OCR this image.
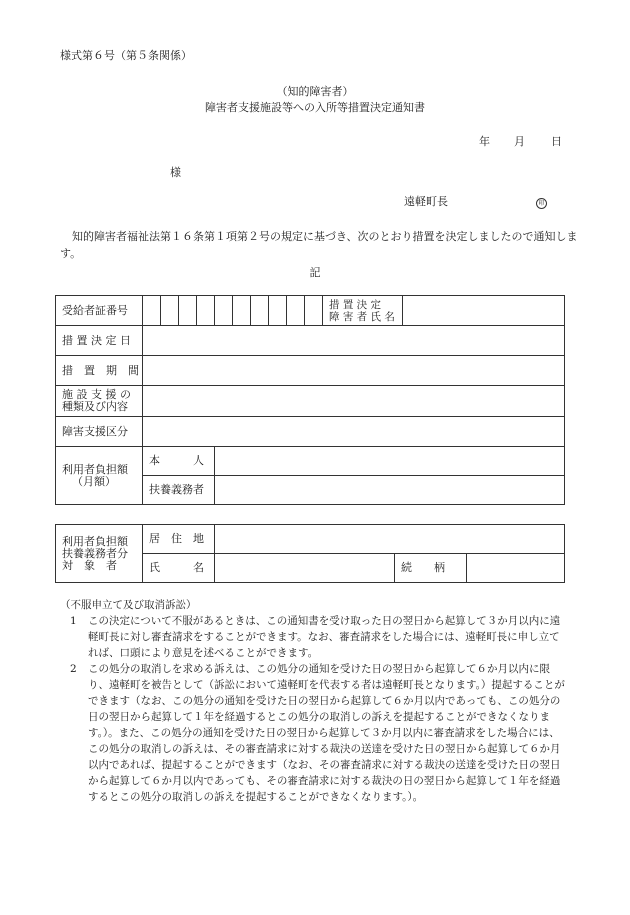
様式第６号（第５条関係）
（知的障害者）
障害者支援施設等への入所等措置決定通知書
年 月 日
様
遠軽町長	印
知的障害者福祉法第１６条第１項第２号の規定に基づき、次のとおり措置を決定しましたので通知します。
記
受給者証番号											措 置 決 定
障 害 者 氏 名	

措 置 決 定 日												
措　置　期　間												

施 設 支 援 の
種類及び内容												

障害支援区分												

利用者負担額
（月額）	本　　　人											
	扶養義務者											
利用者負担額
扶養義務者分
対　象　者	居　住　地			
	氏　　　名		続　　柄	
（不服申立て及び取消訴訟）
1	この決定について不服があるときは、この通知書を受け取った日の翌日から起算して３か月以内に遠軽町長に対し審査請求をすることができます。なお、審査請求をした場合には、遠軽町長に申し立てれば、口頭により意見を述べることができます。
2	この処分の取消しを求める訴えは、この処分の通知を受けた日の翌日から起算して６か月以内に限り、遠軽町を被告として（訴訟において遠軽町を代表する者は遠軽町長となります。）提起することができます（なお、この処分の通知を受けた日の翌日から起算して６か月以内であっても、この処分の日の翌日から起算して１年を経過するとこの処分の取消しの訴えを提起することができなくなります。）。また、この処分の通知を受けた日の翌日から起算して３か月以内に審査請求をした場合には、この処分の取消しの訴えは、その審査請求に対する裁決の送達を受けた日の翌日から起算して６か月以内であれば、提起することができます（なお、その審査請求に対する裁決の送達を受けた日の翌日から起算して６か月以内であっても、その審査請求に対する裁決の日の翌日から起算して１年を経過するとこの処分の取消しの訴えを提起することができなくなります。）。
